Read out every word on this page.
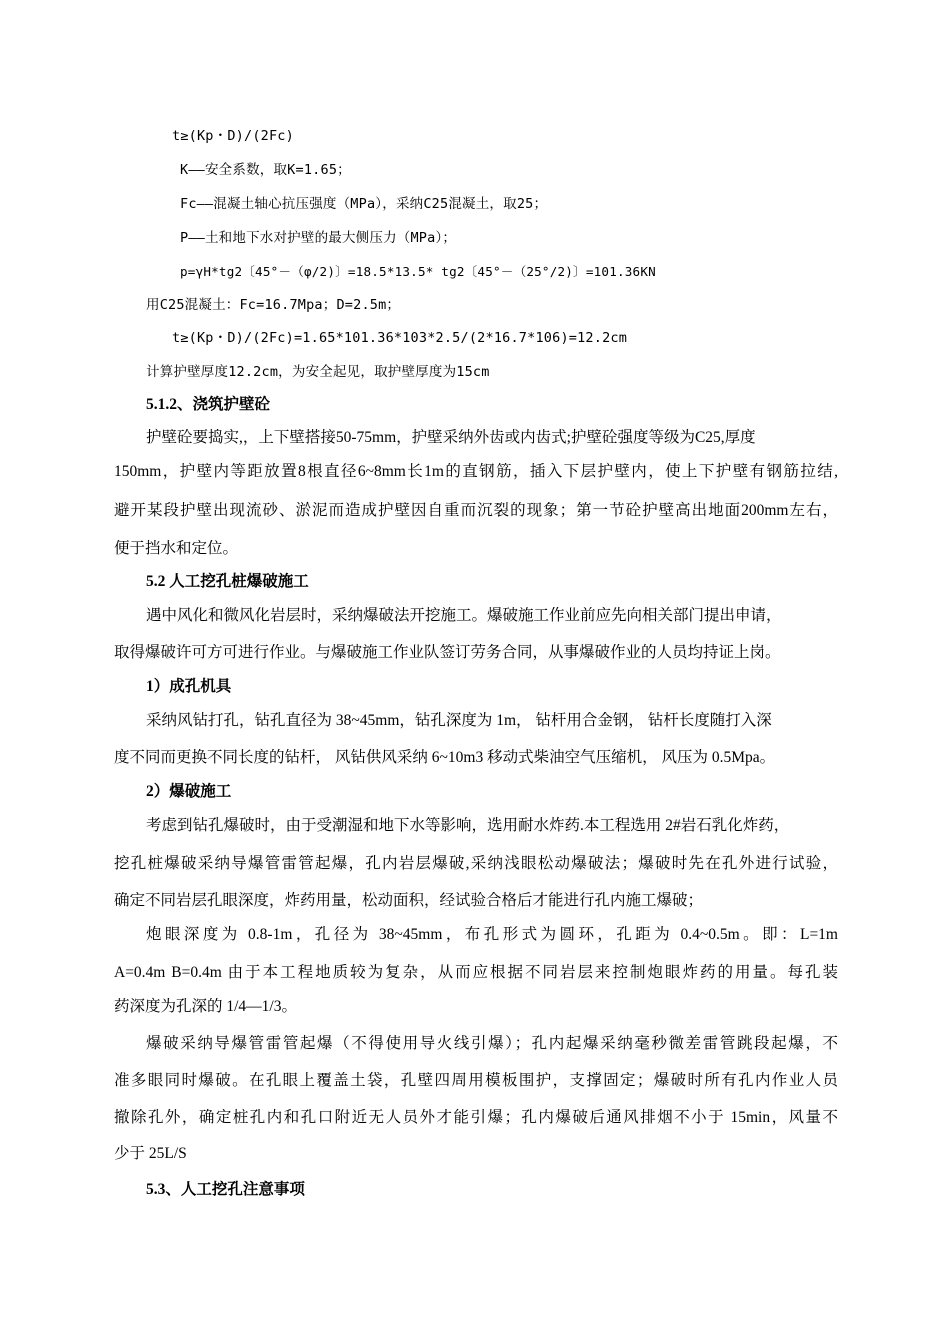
t≥(Kp・D)/(2Fc)
K——安全系数，取K=1.65；
Fc——混凝土轴心抗压强度（MPa），采纳C25混凝土，取25；
P——土和地下水对护壁的最大侧压力（MPa）；
p=γH*tg2〔45°－（φ/2)〕=18.5*13.5* tg2〔45°－（25°/2)〕=101.36KN
用C25混凝土：Fc=16.7Mpa；D=2.5m；
t≥(Kp・D)/(2Fc)=1.65*101.36*103*2.5/(2*16.7*106)=12.2cm
计算护壁厚度12.2cm，为安全起见，取护壁厚度为15cm
5.1.2、浇筑护壁砼
护壁砼要捣实,，上下壁搭接50-75mm，护壁采纳外齿或内齿式;护壁砼强度等级为C25,厚度
150mm，护壁内等距放置8根直径6~8mm长1m的直钢筋，插入下层护壁内，使上下护壁有钢筋拉结,
避开某段护壁出现流砂、淤泥而造成护壁因自重而沉裂的现象；第一节砼护壁高出地面200mm左右，
便于挡水和定位。
5.2 人工挖孔桩爆破施工
遇中风化和微风化岩层时，采纳爆破法开挖施工。爆破施工作业前应先向相关部门提出申请，
取得爆破许可方可进行作业。与爆破施工作业队签订劳务合同，从事爆破作业的人员均持证上岗。
1）成孔机具
采纳风钻打孔，钻孔直径为 38~45mm，钻孔深度为 1m， 钻杆用合金钢， 钻杆长度随打入深
度不同而更换不同长度的钻杆， 风钻供风采纳 6~10m3 移动式柴油空气压缩机， 风压为 0.5Mpa。
2）爆破施工
考虑到钻孔爆破时，由于受潮湿和地下水等影响，选用耐水炸药.本工程选用 2#岩石乳化炸药，
挖孔桩爆破采纳导爆管雷管起爆，孔内岩层爆破,采纳浅眼松动爆破法；爆破时先在孔外进行试验，
确定不同岩层孔眼深度，炸药用量，松动面积，经试验合格后才能进行孔内施工爆破；
炮眼深度为 0.8-1m，孔径为 38~45mm，布孔形式为圆环，孔距为 0.4~0.5m。即：L=1m
A=0.4m B=0.4m 由于本工程地质较为复杂，从而应根据不同岩层来控制炮眼炸药的用量。每孔装
药深度为孔深的 1/4—1/3。
爆破采纳导爆管雷管起爆（不得使用导火线引爆）；孔内起爆采纳毫秒微差雷管跳段起爆，不
准多眼同时爆破。在孔眼上覆盖土袋，孔壁四周用模板围护，支撑固定；爆破时所有孔内作业人员
撤除孔外，确定桩孔内和孔口附近无人员外才能引爆；孔内爆破后通风排烟不小于 15min，风量不
少于 25L/S
5.3、人工挖孔注意事项
